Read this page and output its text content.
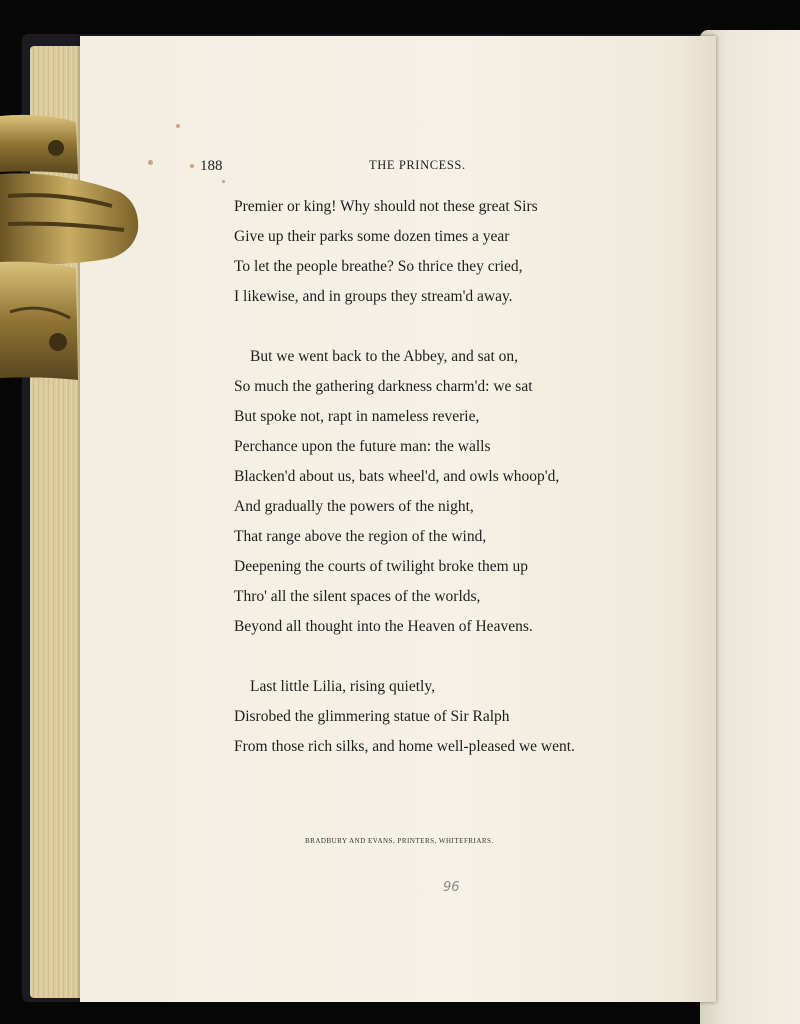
188	THE PRINCESS.
Premier or king! Why should not these great Sirs
Give up their parks some dozen times a year
To let the people breathe? So thrice they cried,
I likewise, and in groups they stream'd away.
But we went back to the Abbey, and sat on,
So much the gathering darkness charm'd: we sat
But spoke not, rapt in nameless reverie,
Perchance upon the future man: the walls
Blacken'd about us, bats wheel'd, and owls whoop'd,
And gradually the powers of the night,
That range above the region of the wind,
Deepening the courts of twilight broke them up
Thro' all the silent spaces of the worlds,
Beyond all thought into the Heaven of Heavens.
Last little Lilia, rising quietly,
Disrobed the glimmering statue of Sir Ralph
From those rich silks, and home well-pleased we went.
BRADBURY AND EVANS, PRINTERS, WHITEFRIARS.
96
